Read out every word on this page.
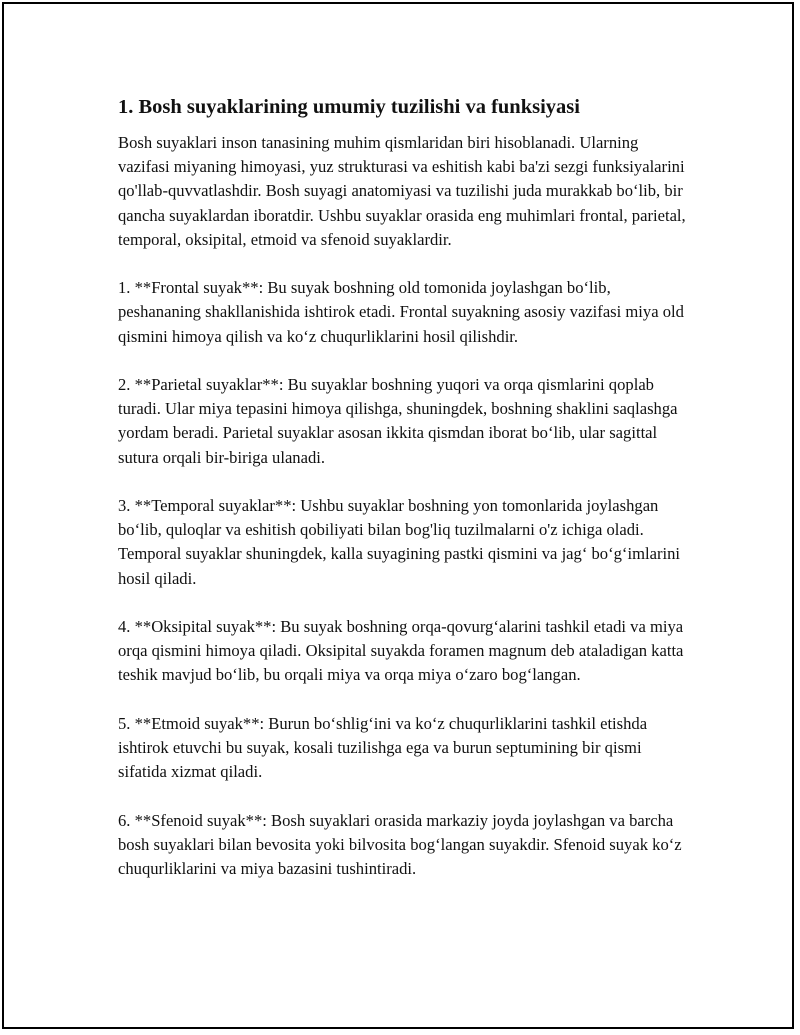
1. Bosh suyaklarining umumiy tuzilishi va funksiyasi

Bosh suyaklari inson tanasining muhim qismlaridan biri hisoblanadi. Ularning vazifasi miyaning himoyasi, yuz strukturasi va eshitish kabi ba'zi sezgi funksiyalarini qo'llab-quvvatlashdir. Bosh suyagi anatomiyasi va tuzilishi juda murakkab bo‘lib, bir qancha suyaklardan iboratdir. Ushbu suyaklar orasida eng muhimlari frontal, parietal, temporal, oksipital, etmoid va sfenoid suyaklardir.

1. **Frontal suyak**: Bu suyak boshning old tomonida joylashgan bo‘lib, peshananing shakllanishida ishtirok etadi. Frontal suyakning asosiy vazifasi miya old qismini himoya qilish va ko‘z chuqurliklarini hosil qilishdir.

2. **Parietal suyaklar**: Bu suyaklar boshning yuqori va orqa qismlarini qoplab turadi. Ular miya tepasini himoya qilishga, shuningdek, boshning shaklini saqlashga yordam beradi. Parietal suyaklar asosan ikkita qismdan iborat bo‘lib, ular sagittal sutura orqali bir-biriga ulanadi.

3. **Temporal suyaklar**: Ushbu suyaklar boshning yon tomonlarida joylashgan bo‘lib, quloqlar va eshitish qobiliyati bilan bog'liq tuzilmalarni o'z ichiga oladi. Temporal suyaklar shuningdek, kalla suyagining pastki qismini va jag‘ bo‘g‘imlarini hosil qiladi.

4. **Oksipital suyak**: Bu suyak boshning orqa-qovurg‘alarini tashkil etadi va miya orqa qismini himoya qiladi. Oksipital suyakda foramen magnum deb ataladigan katta teshik mavjud bo‘lib, bu orqali miya va orqa miya o‘zaro bog‘langan.

5. **Etmoid suyak**: Burun bo‘shlig‘ini va ko‘z chuqurliklarini tashkil etishda ishtirok etuvchi bu suyak, kosali tuzilishga ega va burun septumining bir qismi sifatida xizmat qiladi.

6. **Sfenoid suyak**: Bosh suyaklari orasida markaziy joyda joylashgan va barcha bosh suyaklari bilan bevosita yoki bilvosita bog‘langan suyakdir. Sfenoid suyak ko‘z chuqurliklarini va miya bazasini tushintiradi.
